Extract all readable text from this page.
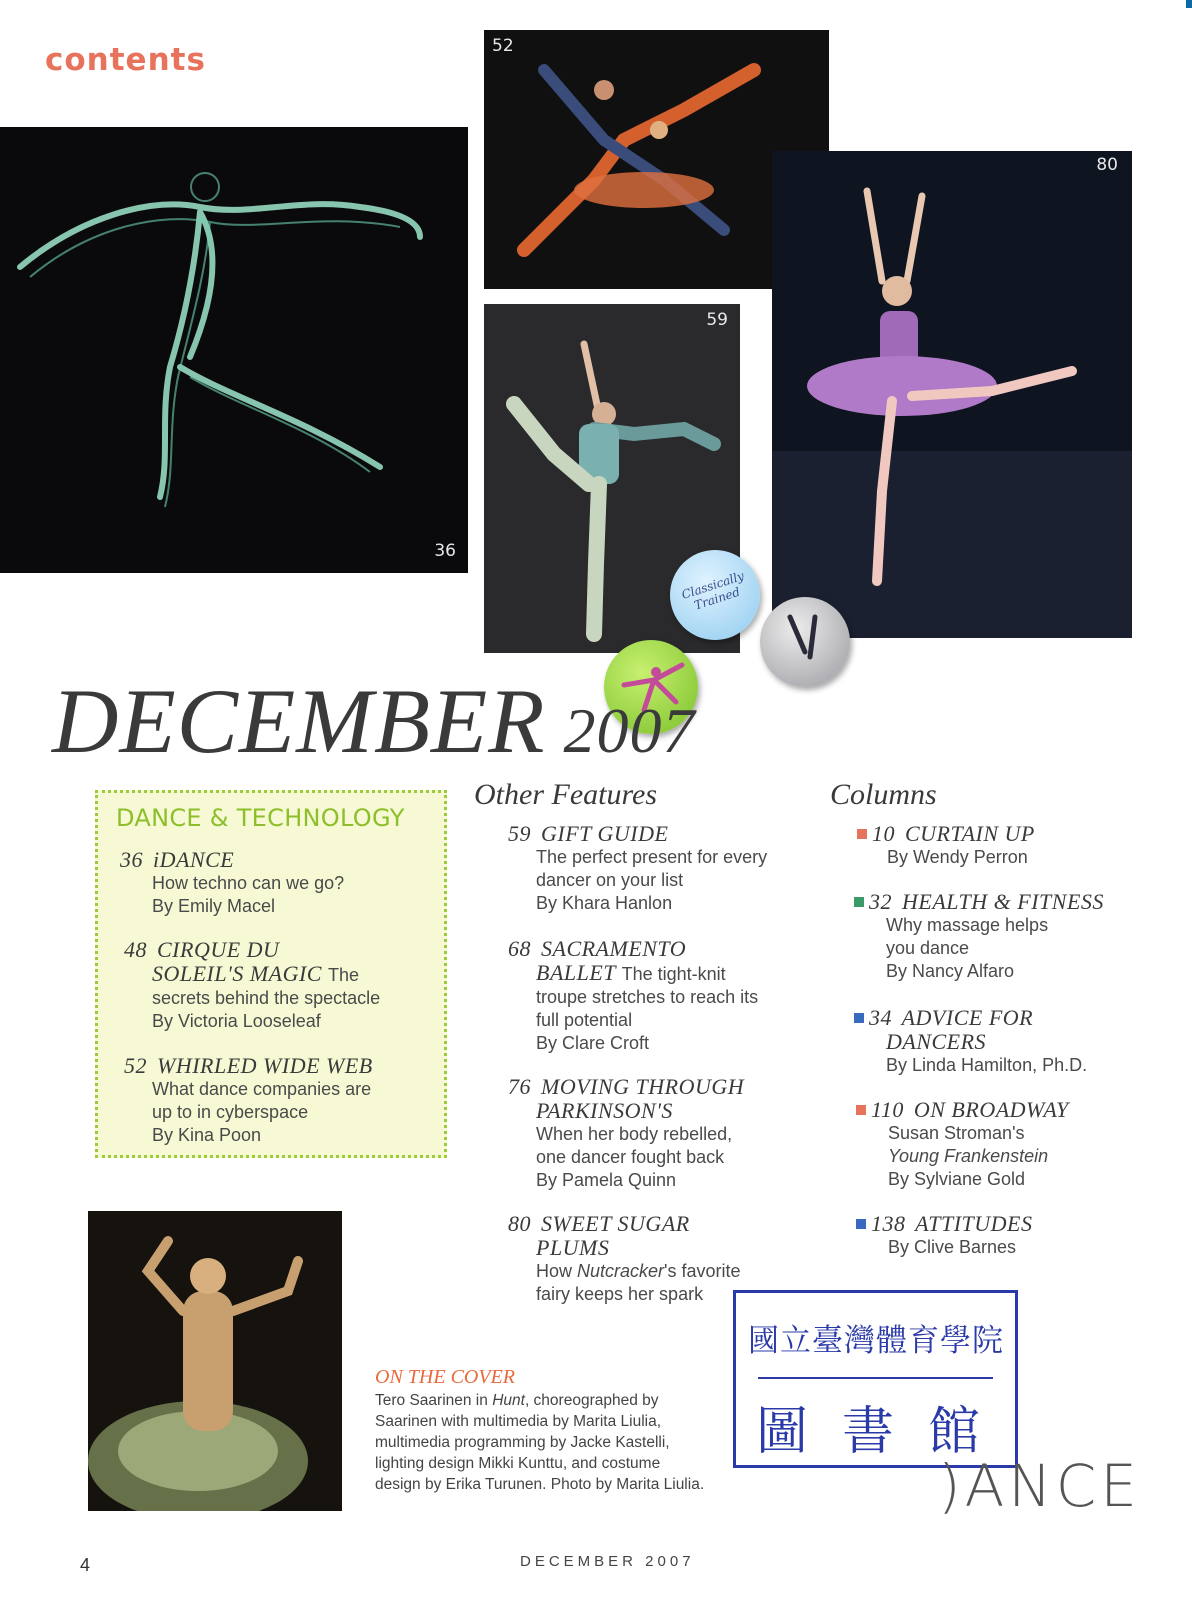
contents
36
52
59
80
Classically Trained
DECEMBER 2007
DANCE & TECHNOLOGY
36 iDANCE
How techno can we go?
By Emily Macel
48 CIRQUE DU
SOLEIL'S MAGIC The
secrets behind the spectacle
By Victoria Looseleaf
52 WHIRLED WIDE WEB
What dance companies are
up to in cyberspace
By Kina Poon
Other Features
59 GIFT GUIDE
The perfect present for every
dancer on your list
By Khara Hanlon
68 SACRAMENTO
BALLET The tight-knit
troupe stretches to reach its
full potential
By Clare Croft
76 MOVING THROUGH
PARKINSON'S
When her body rebelled,
one dancer fought back
By Pamela Quinn
80 SWEET SUGAR
PLUMS
How Nutcracker's favorite
fairy keeps her spark
Columns
10 CURTAIN UP
By Wendy Perron
32 HEALTH & FITNESS
Why massage helps
you dance
By Nancy Alfaro
34 ADVICE FOR
DANCERS
By Linda Hamilton, Ph.D.
110 ON BROADWAY
Susan Stroman's
Young Frankenstein
By Sylviane Gold
138 ATTITUDES
By Clive Barnes
ON THE COVER
Tero Saarinen in Hunt, choreographed by Saarinen with multimedia by Marita Liulia, multimedia programming by Jacke Kastelli, lighting design Mikki Kunttu, and costume design by Erika Turunen. Photo by Marita Liulia.
國立臺灣體育學院
圖書館
)ANCE
4	DECEMBER 2007
